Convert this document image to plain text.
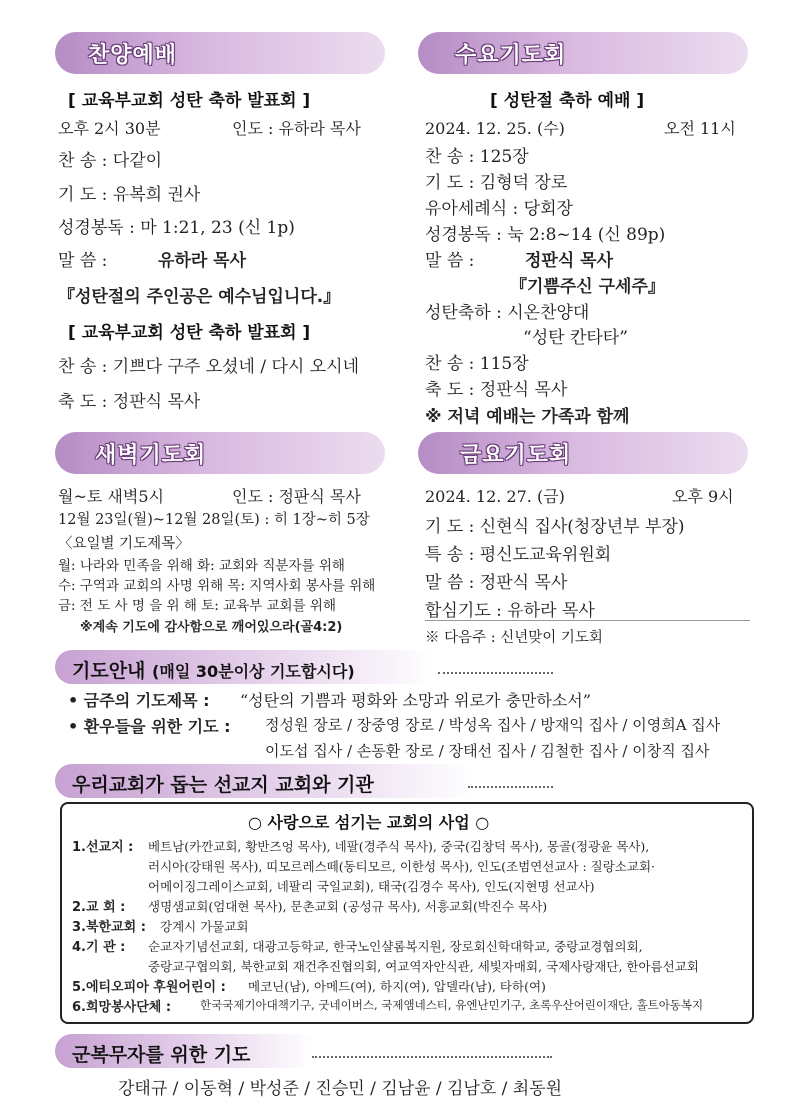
찬양예배
[ 교육부교회 성탄 축하 발표회 ]
오후 2시 30분	인도 : 유하라 목사
찬 송 : 다같이
기 도 : 유복희 권사
성경봉독 : 마 1:21, 23 (신 1p)
말 씀 :	유하라 목사
『성탄절의 주인공은 예수님입니다.』
[ 교육부교회 성탄 축하 발표회 ]
찬 송 : 기쁘다 구주 오셨네 / 다시 오시네
축 도 : 정판식 목사
수요기도회
[ 성탄절 축하 예배 ]
2024. 12. 25. (수)	오전 11시
찬 송 : 125장
기 도 : 김형덕 장로
유아세례식 : 당회장
성경봉독 : 눅 2:8~14 (신 89p)
말 씀 :	정판식 목사
『기쁨주신 구세주』
성탄축하 : 시온찬양대
“성탄 칸타타”
찬 송 : 115장
축 도 : 정판식 목사
※ 저녁 예배는 가족과 함께
새벽기도회
월~토 새벽5시	인도 : 정판식 목사
12월 23일(월)~12월 28일(토) : 히 1장~히 5장
〈요일별 기도제목〉
월: 나라와 민족을 위해 화: 교회와 직분자를 위해
수: 구역과 교회의 사명 위해 목: 지역사회 봉사를 위해
금: 전 도 사 명 을 위 해 토: 교육부 교회를 위해
※계속 기도에 감사함으로 깨어있으라(골4:2)
금요기도회
2024. 12. 27. (금)	오후 9시
기 도 : 신현식 집사(청장년부 부장)
특 송 : 평신도교육위원회
말 씀 : 정판식 목사
합심기도 : 유하라 목사
※ 다음주 : 신년맞이 기도회
기도안내 (매일 30분이상 기도합시다)
• 금주의 기도제목 : “성탄의 기쁨과 평화와 소망과 위로가 충만하소서”
• 환우들을 위한 기도 : 정성원 장로 / 장중영 장로 / 박성옥 집사 / 방재익 집사 / 이영희A 집사
이도섭 집사 / 손동환 장로 / 장태선 집사 / 김철한 집사 / 이창직 집사
우리교회가 돕는 선교지 교회와 기관
○ 사랑으로 섬기는 교회의 사업 ○
1.선교지 : 베트남(카깐교회, 황반즈엉 목사), 네팔(경주식 목사), 중국(김창덕 목사), 몽골(정광윤 목사),
러시아(강태원 목사), 띠모르레스떼(동티모르, 이한성 목사), 인도(조범연선교사 : 질랑소교회·
어메이징그레이스교회, 네팔리 국일교회), 태국(김경수 목사), 인도(지현명 선교사)
2.교 회 : 생명샘교회(엄대현 목사), 문촌교회 (공성규 목사), 서흥교회(박진수 목사)
3.북한교회 : 강계시 가물교회
4.기 관 : 순교자기념선교회, 대광고등학교, 한국노인샬롬복지원, 장로회신학대학교, 중랑교경협의회,
중랑교구협의회, 북한교회 재건추진협의회, 여교역자안식관, 세빛자매회, 국제사랑재단, 한아름선교회
5.에티오피아 후원어린이 : 메코닌(남), 아메드(여), 하지(여), 압델라(남), 타하(여)
6.희망봉사단체 :	한국국제기아대책기구, 굿네이버스, 국제앰네스티, 유엔난민기구, 초록우산어린이재단, 홀트아동복지
군복무자를 위한 기도
강태규 / 이동혁 / 박성준 / 진승민 / 김남윤 / 김남호 / 최동원
